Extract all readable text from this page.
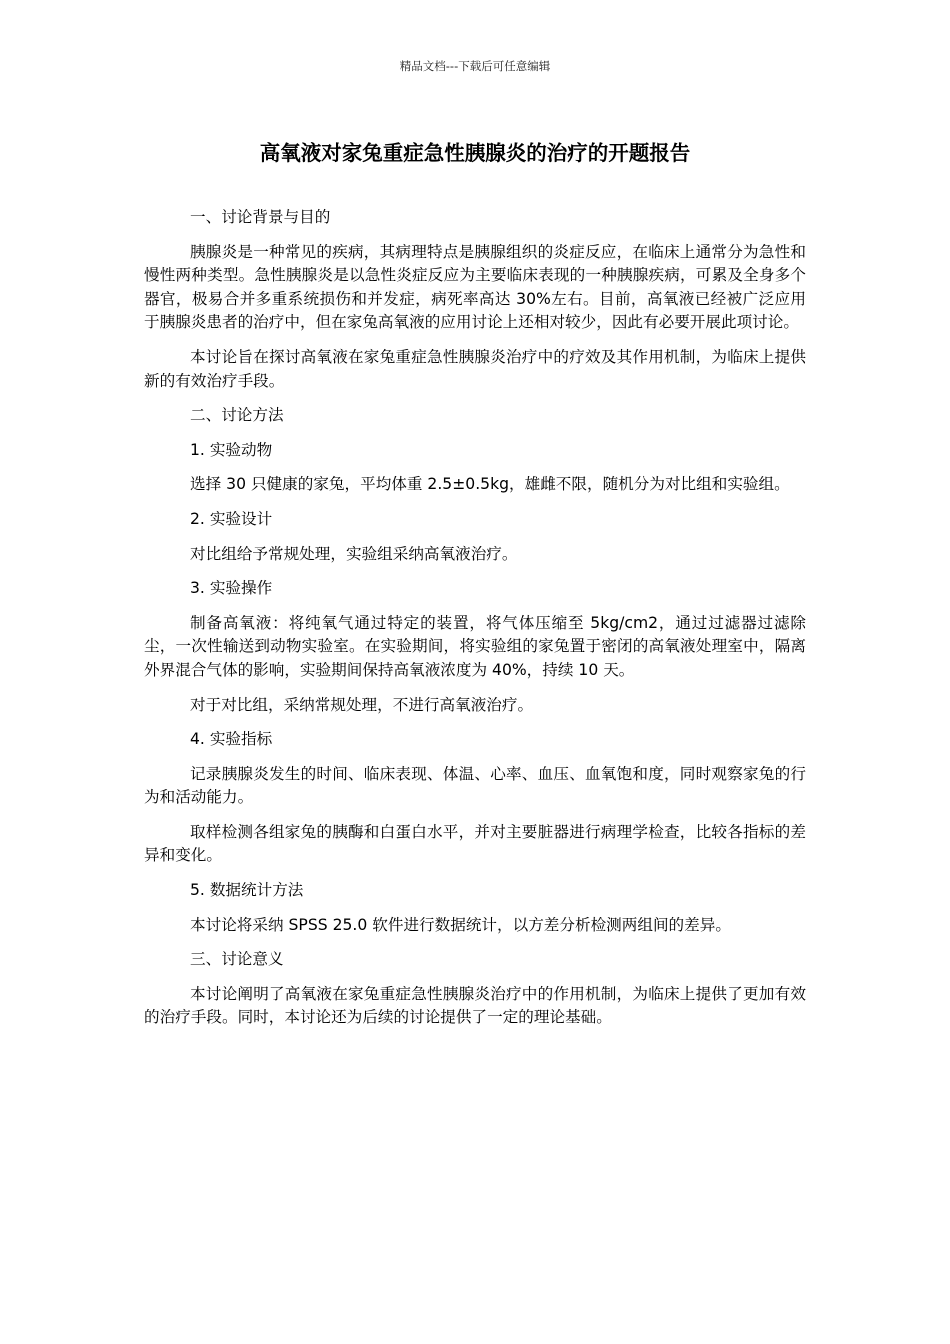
精品文档---下载后可任意编辑
高氧液对家兔重症急性胰腺炎的治疗的开题报告

一、讨论背景与目的

胰腺炎是一种常见的疾病，其病理特点是胰腺组织的炎症反应，在临床上通常分为急性和慢性两种类型。急性胰腺炎是以急性炎症反应为主要临床表现的一种胰腺疾病，可累及全身多个器官，极易合并多重系统损伤和并发症，病死率高达 30%左右。目前，高氧液已经被广泛应用于胰腺炎患者的治疗中，但在家兔高氧液的应用讨论上还相对较少，因此有必要开展此项讨论。

本讨论旨在探讨高氧液在家兔重症急性胰腺炎治疗中的疗效及其作用机制，为临床上提供新的有效治疗手段。

二、讨论方法

1. 实验动物

选择 30 只健康的家兔，平均体重 2.5±0.5kg，雄雌不限，随机分为对比组和实验组。

2. 实验设计

对比组给予常规处理，实验组采纳高氧液治疗。

3. 实验操作

制备高氧液：将纯氧气通过特定的装置，将气体压缩至 5kg/cm2，通过过滤器过滤除尘，一次性输送到动物实验室。在实验期间，将实验组的家兔置于密闭的高氧液处理室中，隔离外界混合气体的影响，实验期间保持高氧液浓度为 40%，持续 10 天。

对于对比组，采纳常规处理，不进行高氧液治疗。

4. 实验指标

记录胰腺炎发生的时间、临床表现、体温、心率、血压、血氧饱和度，同时观察家兔的行为和活动能力。

取样检测各组家兔的胰酶和白蛋白水平，并对主要脏器进行病理学检查，比较各指标的差异和变化。

5. 数据统计方法

本讨论将采纳 SPSS 25.0 软件进行数据统计，以方差分析检测两组间的差异。

三、讨论意义

本讨论阐明了高氧液在家兔重症急性胰腺炎治疗中的作用机制，为临床上提供了更加有效的治疗手段。同时，本讨论还为后续的讨论提供了一定的理论基础。
